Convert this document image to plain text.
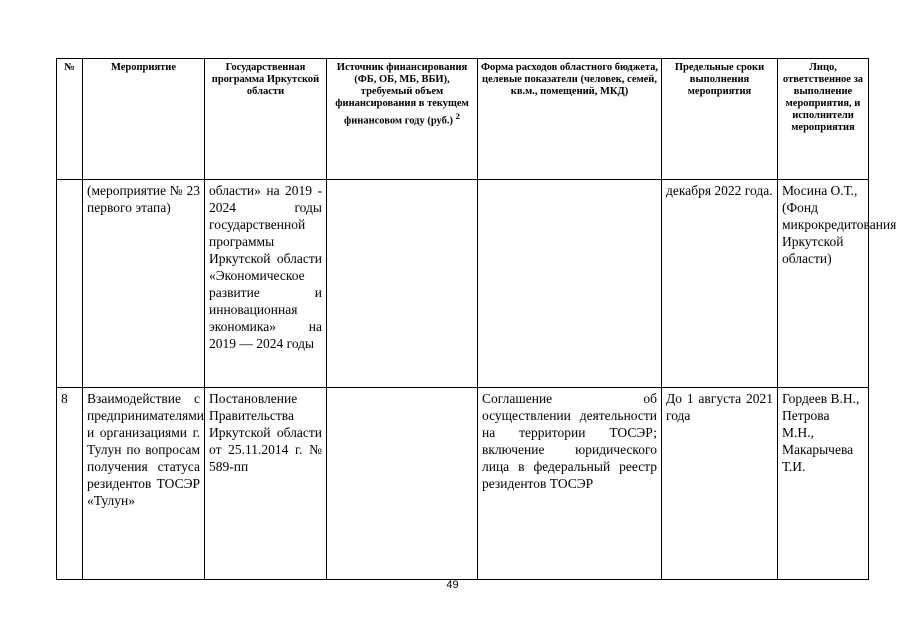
№	Мероприятие	Государственная программа Иркутской области	Источник финансирования (ФБ, ОБ, МБ, ВБИ), требуемый объем финансирования в текущем финансовом году (руб.) $^2$	Форма расходов областного бюджета, целевые показатели (человек, семей, кв.м., помещений, МКД)	Предельные сроки выполнения мероприятия	Лицо, ответственное за выполнение мероприятия, и исполнители мероприятия
	(мероприятие № 23 первого этапа)	области» на 2019 - 2024 годы государственной программы Иркутской области «Экономическое развитие и инновационная экономика» на 2019 — 2024 годы			декабря 2022 года.	Мосина О.Т., (Фонд микрокредитования Иркутской области)
8	Взаимодействие с предпринимателями и организациями г. Тулун по вопросам получения статуса резидентов ТОСЭР «Тулун»	Постановление Правительства Иркутской области от 25.11.2014 г. № 589-пп		Соглашение об осуществлении деятельности на территории ТОСЭР; включение юридического лица в федеральный реестр резидентов ТОСЭР	До 1 августа 2021 года	Гордеев В.Н., Петрова М.Н., Макарычева Т.И.
49
